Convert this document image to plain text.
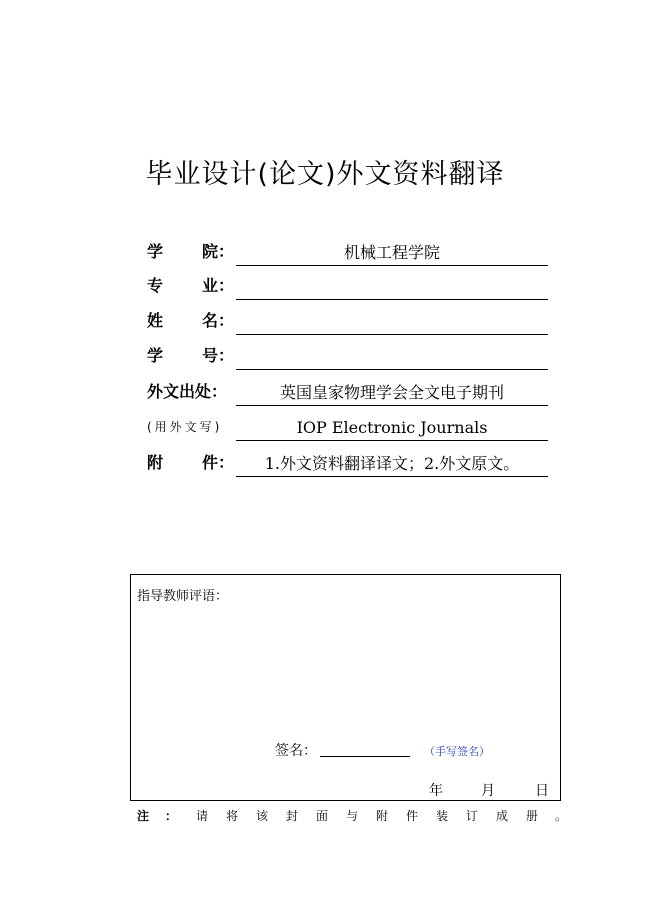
毕业设计(论文)外文资料翻译
学 院：	机械工程学院
专 业：
姓 名：
学 号：
外文出处：	英国皇家物理学会全文电子期刊
(用外文写)	IOP Electronic Journals
附 件：	1.外文资料翻译译文；2.外文原文。
指导教师评语：
签名：	（手写签名）
年	月	日
注 ： 请 将 该 封 面 与 附 件 装 订 成 册 。
